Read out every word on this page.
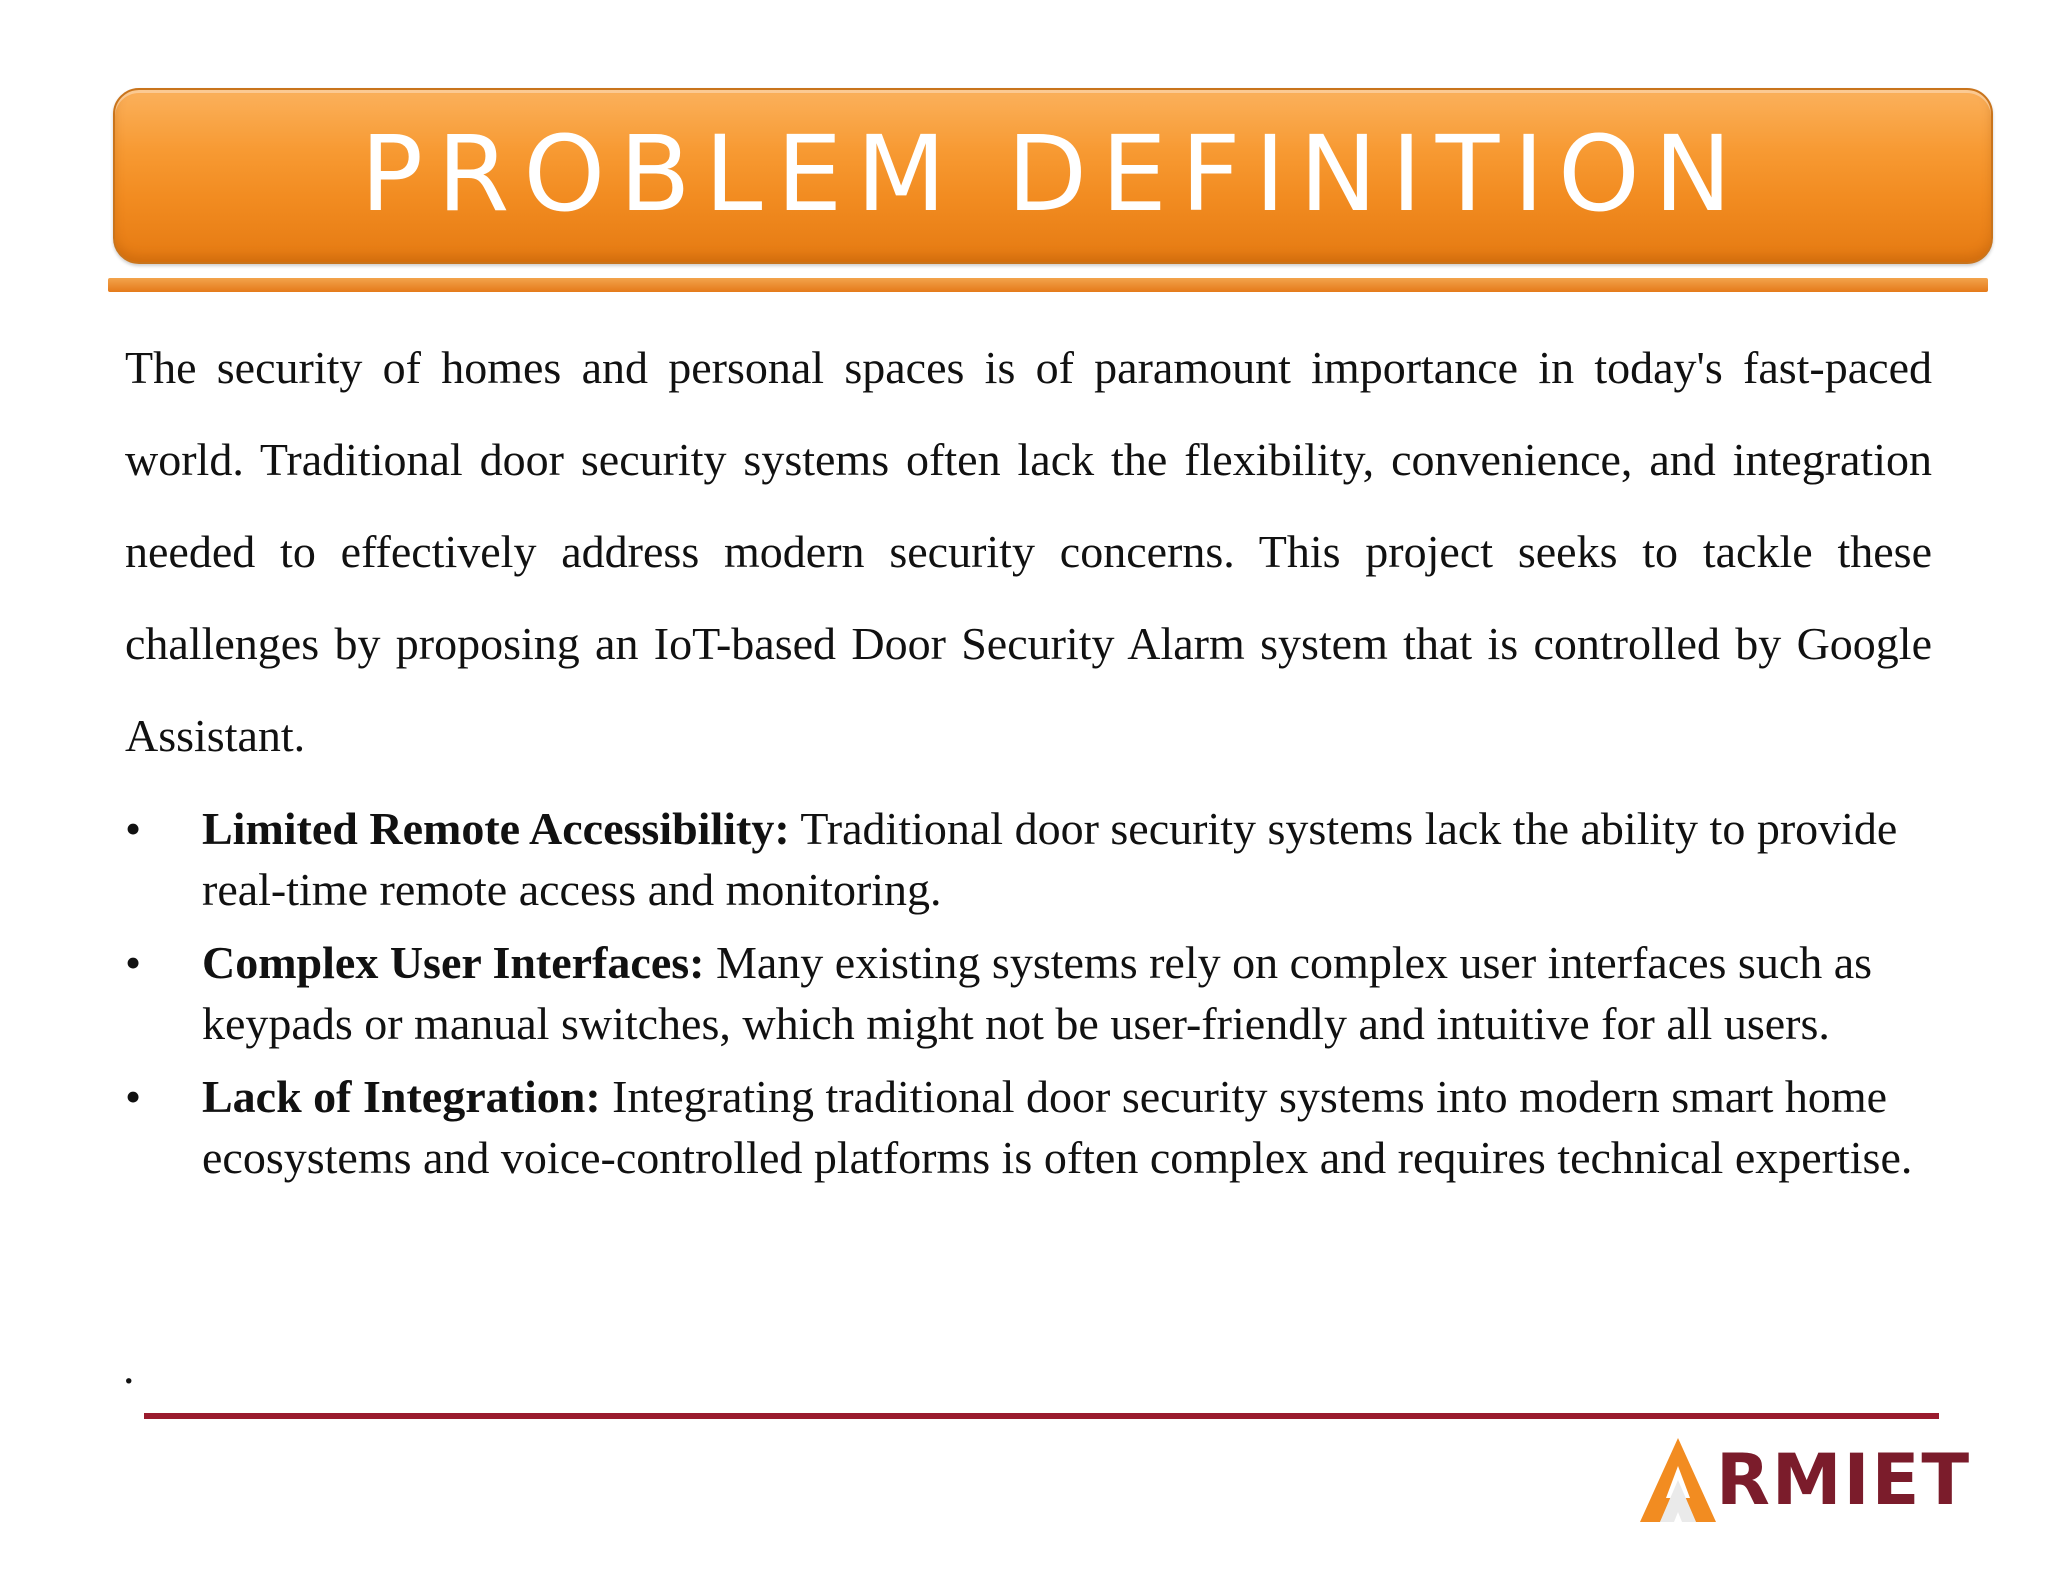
PROBLEM DEFINITION

The security of homes and personal spaces is of paramount importance in today's fast-paced world. Traditional door security systems often lack the flexibility, convenience, and integration needed to effectively address modern security concerns. This project seeks to tackle these challenges by proposing an IoT-based Door Security Alarm system that is controlled by Google Assistant.

•	Limited Remote Accessibility: Traditional door security systems lack the ability to provide real-time remote access and monitoring.
•	Complex User Interfaces: Many existing systems rely on complex user interfaces such as keypads or manual switches, which might not be user-friendly and intuitive for all users.
•	Lack of Integration: Integrating traditional door security systems into modern smart home ecosystems and voice-controlled platforms is often complex and requires technical expertise.
.
RMIET
